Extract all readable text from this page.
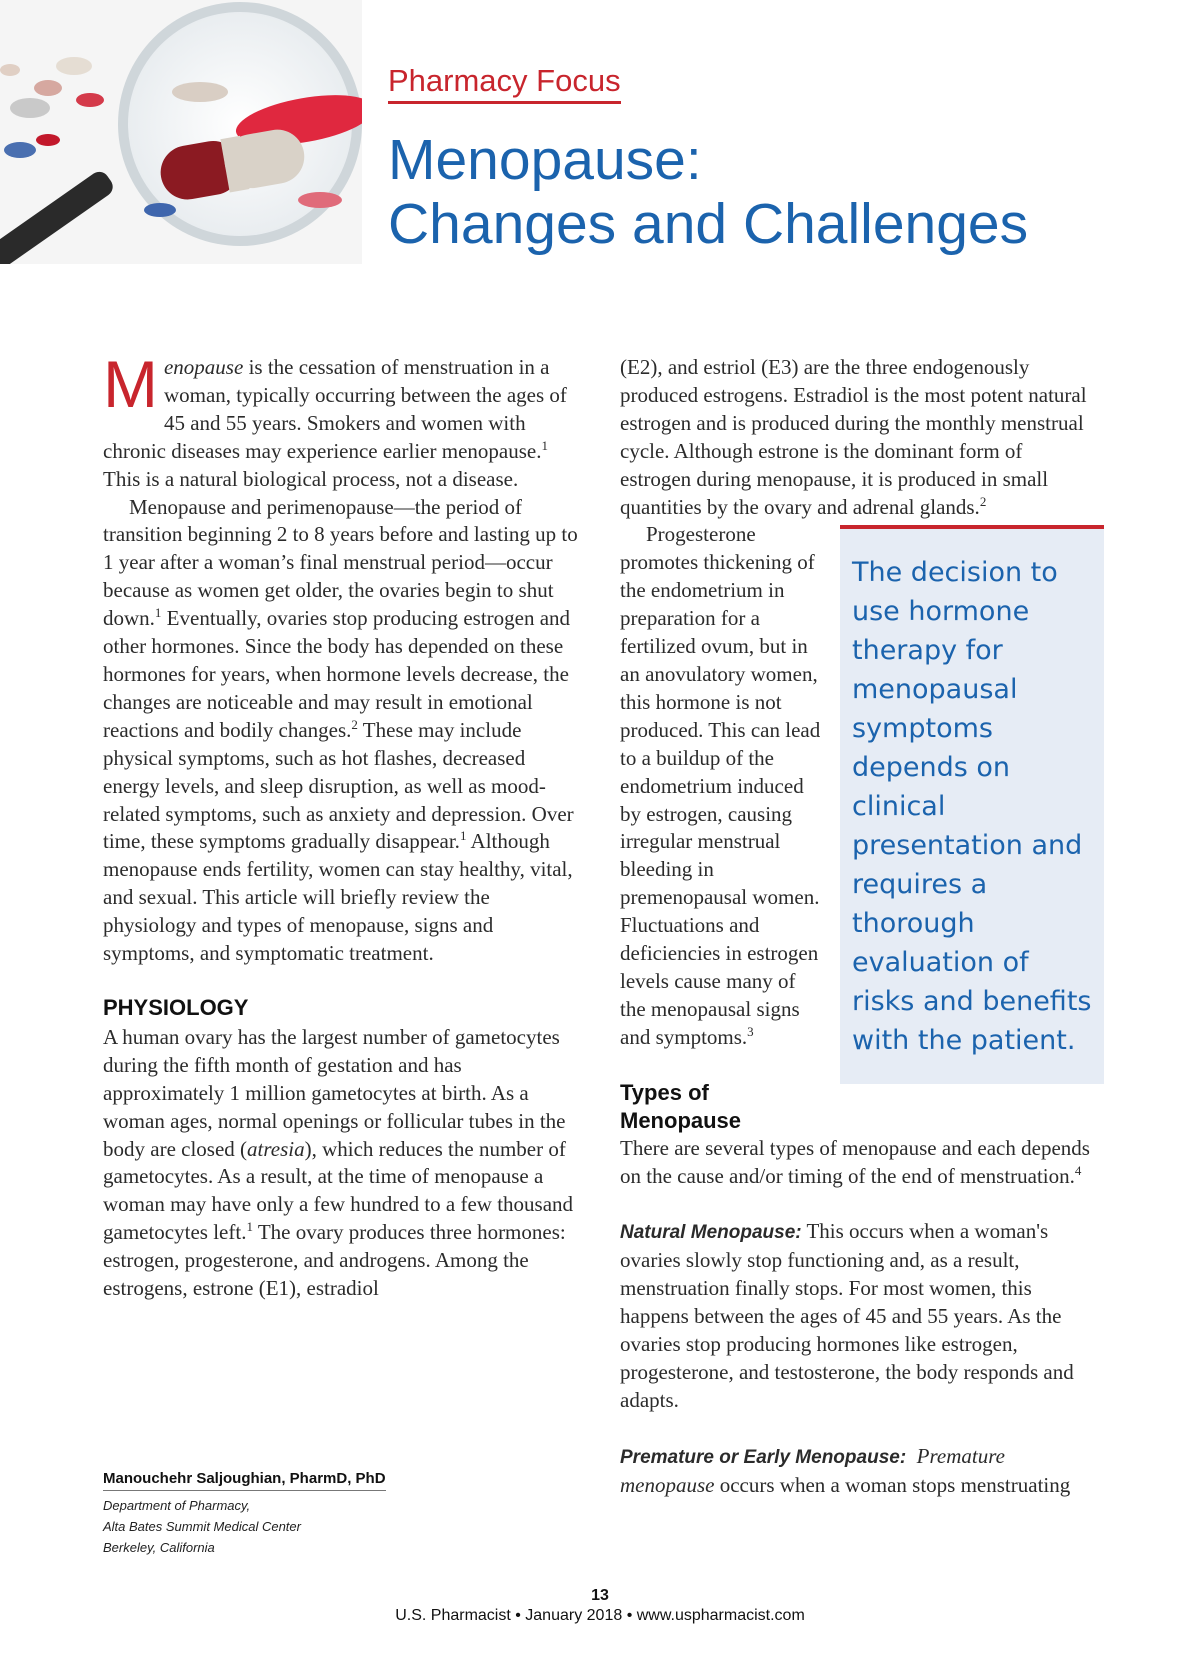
Pharmacy Focus
Menopause:
Changes and Challenges

Menopause is the cessation of menstruation in a woman, typically occurring between the ages of 45 and 55 years. Smokers and women with chronic diseases may experience earlier menopause.$^1$ This is a natural biological process, not a disease.

Menopause and perimenopause—the period of transition beginning 2 to 8 years before and lasting up to 1 year after a woman’s final menstrual period—occur because as women get older, the ovaries begin to shut down.$^1$ Eventually, ovaries stop producing estrogen and other hormones. Since the body has depended on these hormones for years, when hormone levels decrease, the changes are noticeable and may result in emotional reactions and bodily changes.$^2$ These may include physical symptoms, such as hot flashes, decreased energy levels, and sleep disruption, as well as mood-related symptoms, such as anxiety and depression. Over time, these symptoms gradually disappear.$^1$ Although menopause ends fertility, women can stay healthy, vital, and sexual. This article will briefly review the physiology and types of menopause, signs and symptoms, and symptomatic treatment.

PHYSIOLOGY

A human ovary has the largest number of gametocytes during the fifth month of gestation and has approximately 1 million gametocytes at birth. As a woman ages, normal openings or follicular tubes in the body are closed (atresia), which reduces the number of gametocytes. As a result, at the time of menopause a woman may have only a few hundred to a few thousand gametocytes left.$^1$ The ovary produces three hormones: estrogen, progesterone, and androgens. Among the estrogens, estrone (E1), estradiol

(E2), and estriol (E3) are the three endogenously produced estrogens. Estradiol is the most potent natural estrogen and is produced during the monthly menstrual cycle. Although estrone is the dominant form of estrogen during menopause, it is produced in small quantities by the ovary and adrenal glands.$^2$

The decision to use hormone therapy for menopausal symptoms depends on clinical presentation and requires a thorough evaluation of risks and benefits with the patient.

Progesterone promotes thickening of the endometrium in preparation for a fertilized ovum, but in an anovulatory women, this hormone is not produced. This can lead to a buildup of the endometrium induced by estrogen, causing irregular menstrual bleeding in premenopausal women. Fluctuations and deficiencies in estrogen levels cause many of the menopausal signs and symptoms.$^3$

Types of Menopause

There are several types of menopause and each depends on the cause and/or timing of the end of menstruation.$^4$

Natural Menopause: This occurs when a woman's ovaries slowly stop functioning and, as a result, menstruation finally stops. For most women, this happens between the ages of 45 and 55 years. As the ovaries stop producing hormones like estrogen, progesterone, and testosterone, the body responds and adapts.

Premature or Early Menopause: Premature menopause occurs when a woman stops menstruating

Manouchehr Saljoughian, PharmD, PhD
Department of Pharmacy,
Alta Bates Summit Medical Center
Berkeley, California
13
U.S. Pharmacist • January 2018 • www.uspharmacist.com
